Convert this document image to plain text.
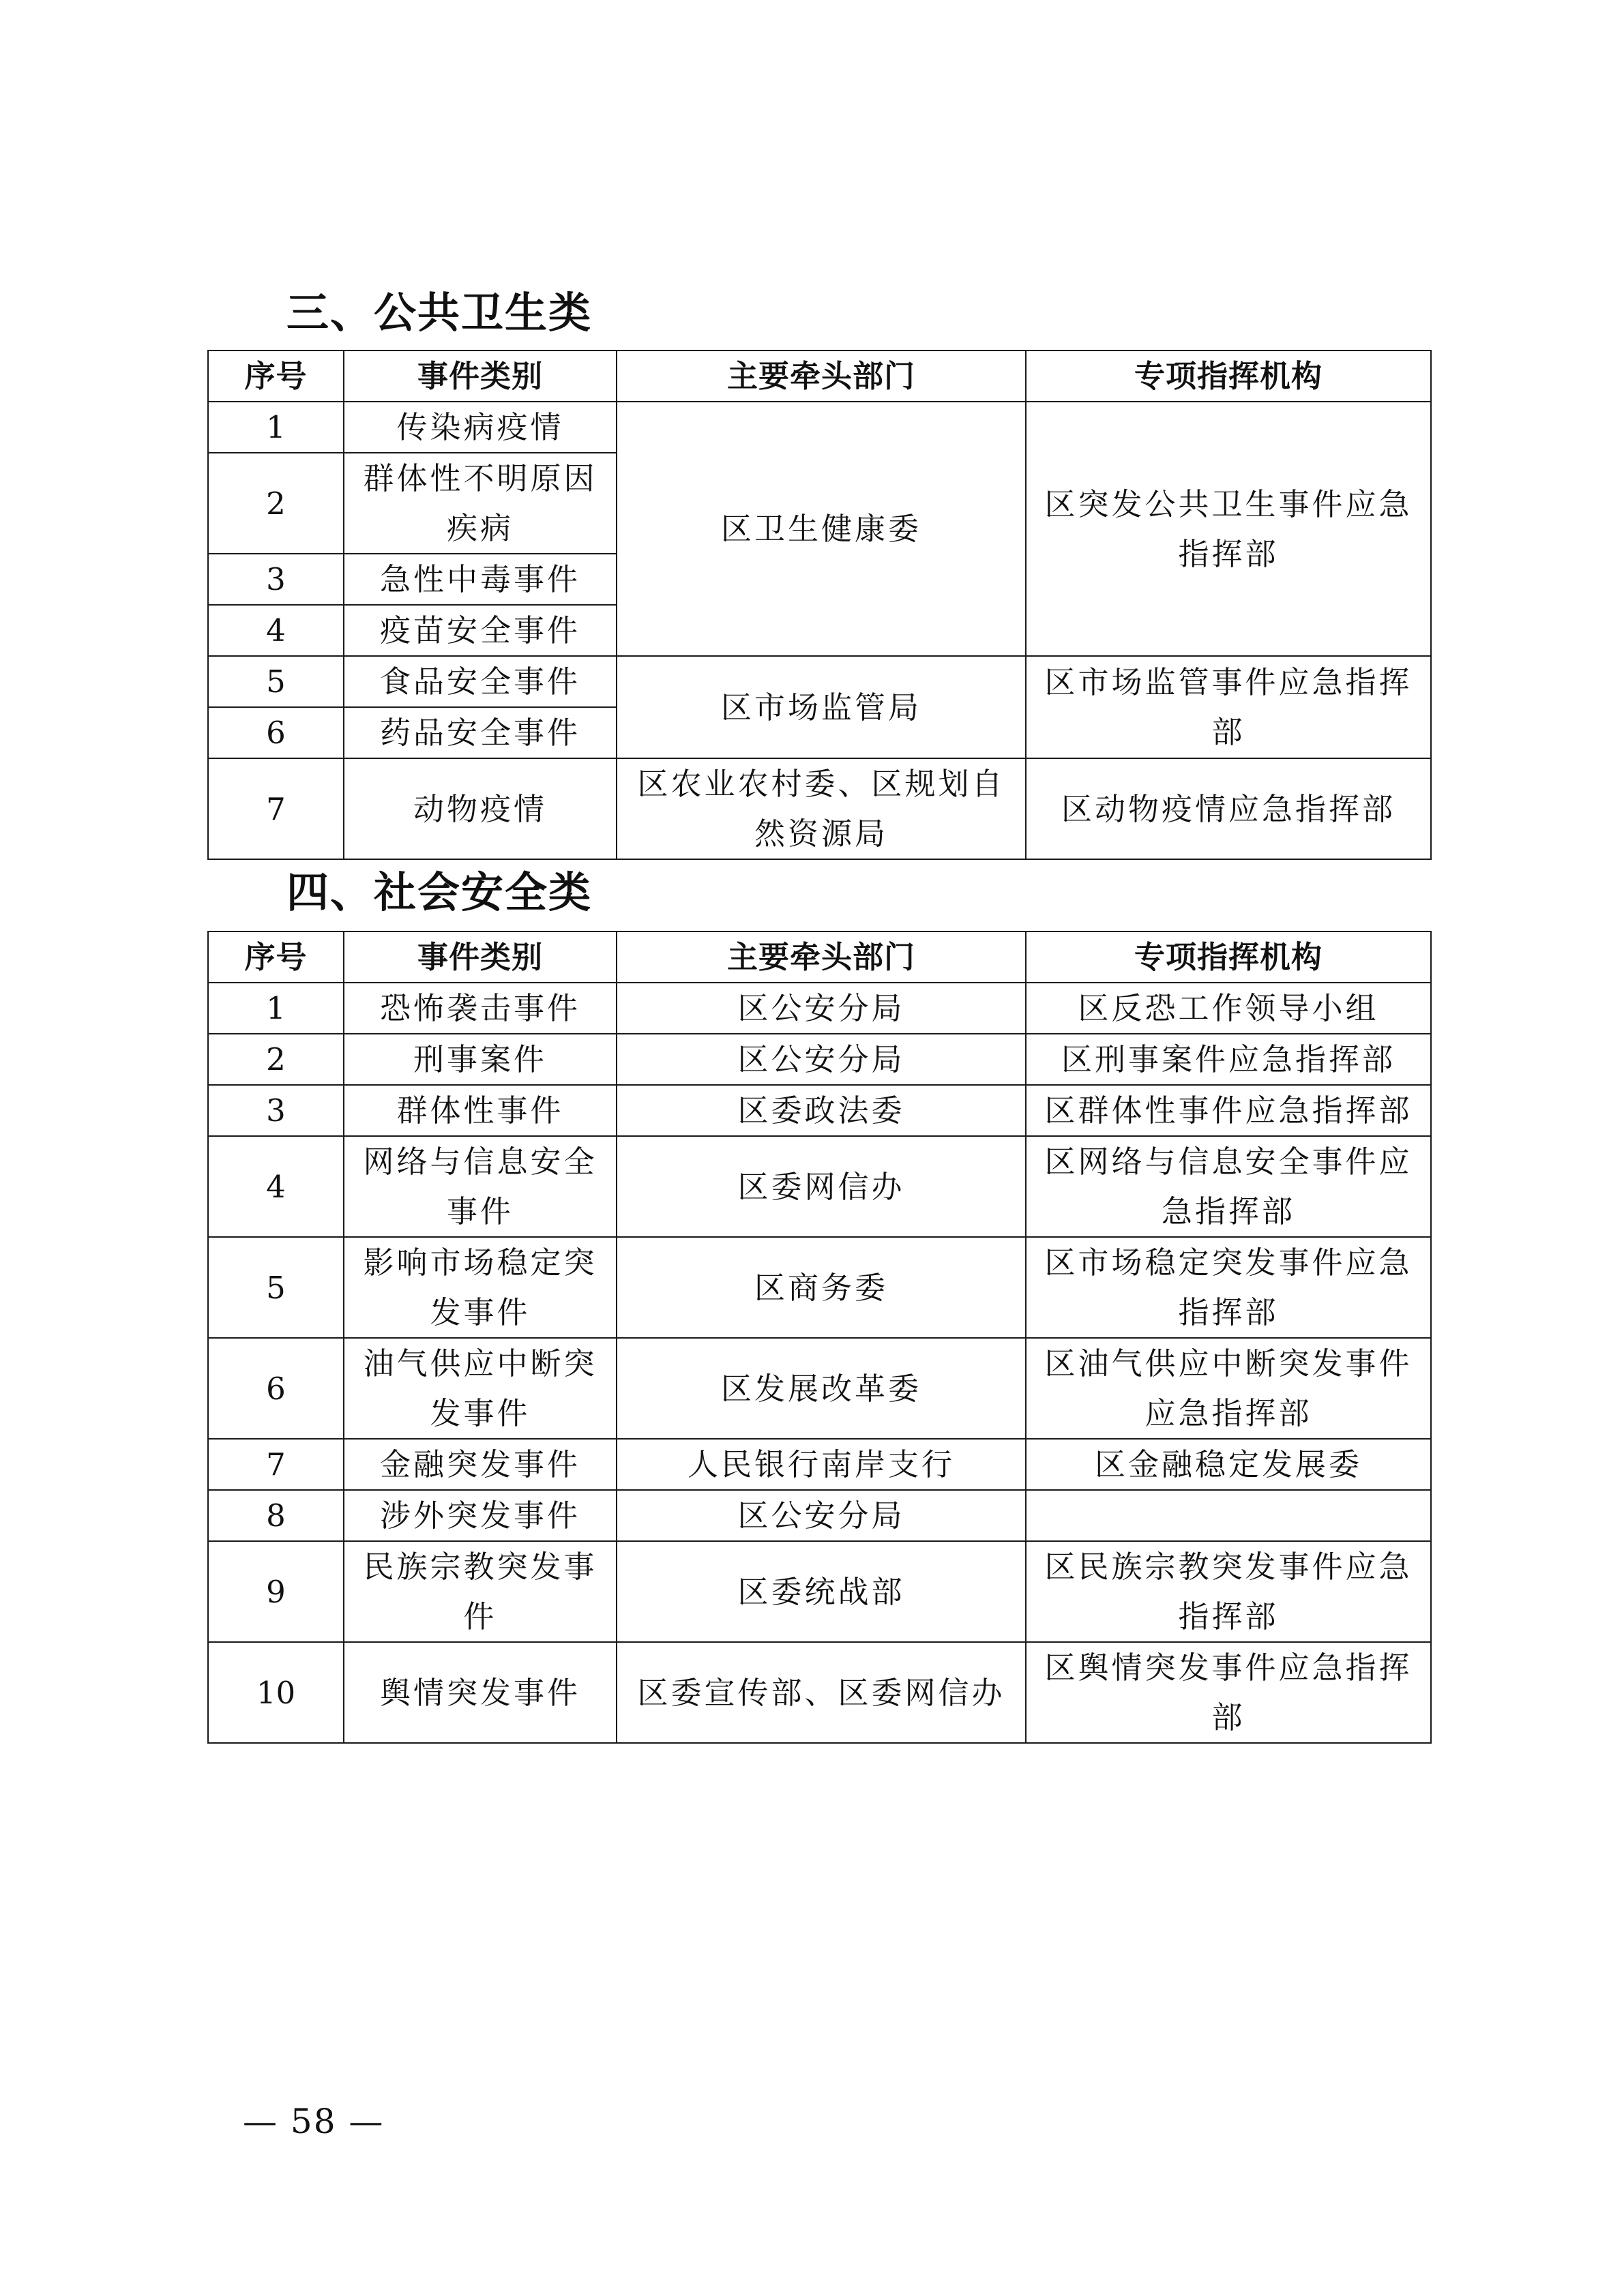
三、公共卫生类
序号	事件类别	主要牵头部门	专项指挥机构
1	传染病疫情	区卫生健康委	区突发公共卫生事件应急指挥部
2	群体性不明原因疾病		
3	急性中毒事件		
4	疫苗安全事件		
5	食品安全事件	区市场监管局	区市场监管事件应急指挥部
6	药品安全事件		
7	动物疫情	区农业农村委、区规划自然资源局	区动物疫情应急指挥部
四、社会安全类
序号	事件类别	主要牵头部门	专项指挥机构
1	恐怖袭击事件	区公安分局	区反恐工作领导小组
2	刑事案件	区公安分局	区刑事案件应急指挥部
3	群体性事件	区委政法委	区群体性事件应急指挥部
4	网络与信息安全事件	区委网信办	区网络与信息安全事件应急指挥部
5	影响市场稳定突发事件	区商务委	区市场稳定突发事件应急指挥部
6	油气供应中断突发事件	区发展改革委	区油气供应中断突发事件应急指挥部
7	金融突发事件	人民银行南岸支行	区金融稳定发展委
8	涉外突发事件	区公安分局	
9	民族宗教突发事件	区委统战部	区民族宗教突发事件应急指挥部
10	舆情突发事件	区委宣传部、区委网信办	区舆情突发事件应急指挥部
— 58 —
